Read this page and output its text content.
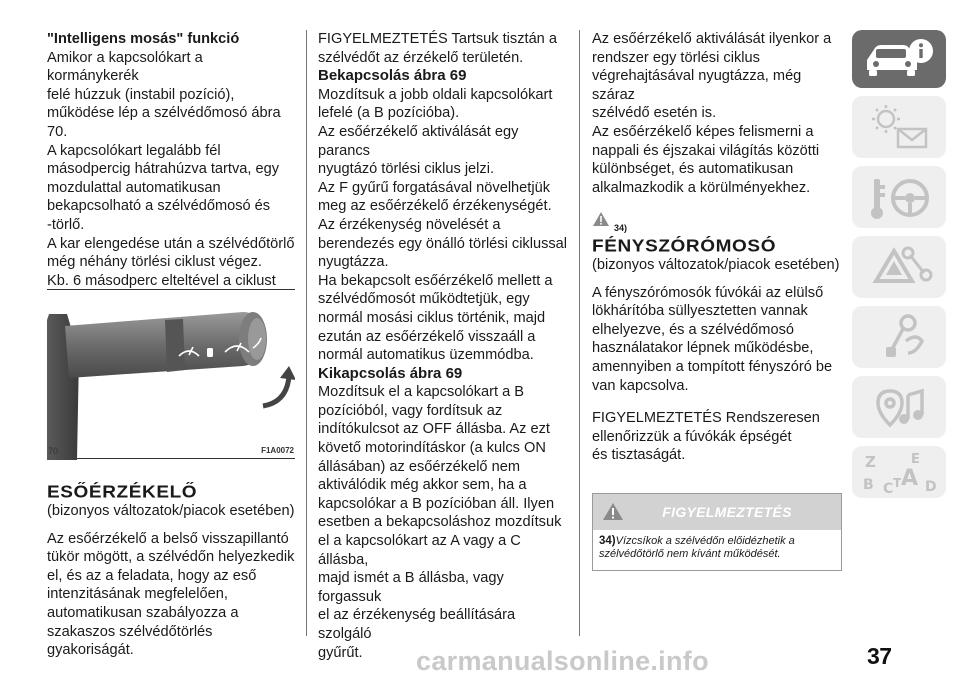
"Intelligens mosás" funkció

Amikor a kapcsolókart a kormánykerék
felé húzzuk (instabil pozíció),
működése lép a szélvédőmosó ábra
70.

A kapcsolókart legalább fél
másodpercig hátrahúzva tartva, egy
mozdulattal automatikusan
bekapcsolható a szélvédőmosó és
-törlő.

A kar elengedése után a szélvédőtörlő
még néhány törlési ciklust végez.

Kb. 6 másodperc elteltével a ciklust

70	F1A0072

ESŐÉRZÉKELŐ

(bizonyos változatok/piacok esetében)

Az esőérzékelő a belső visszapillantó
tükör mögött, a szélvédőn helyezkedik
el, és az a feladata, hogy az eső
intenzitásának megfelelően,
automatikusan szabályozza a
szakaszos szélvédőtörlés gyakoriságát.

FIGYELMEZTETÉS Tartsuk tisztán a
szélvédőt az érzékelő területén.

Bekapcsolás ábra 69

Mozdítsuk a jobb oldali kapcsolókart
lefelé (a B pozícióba).

Az esőérzékelő aktiválását egy parancs
nyugtázó törlési ciklus jelzi.

Az F gyűrű forgatásával növelhetjük
meg az esőérzékelő érzékenységét.

Az érzékenység növelését a
berendezés egy önálló törlési ciklussal
nyugtázza.

Ha bekapcsolt esőérzékelő mellett a
szélvédőmosót működtetjük, egy
normál mosási ciklus történik, majd
ezután az esőérzékelő visszaáll a
normál automatikus üzemmódba.

Kikapcsolás ábra 69

Mozdítsuk el a kapcsolókart a B
pozícióból, vagy fordítsuk az
indítókulcsot az OFF állásba. Az ezt
követő motorindításkor (a kulcs ON
állásában) az esőérzékelő nem
aktiválódik még akkor sem, ha a
kapcsolókar a B pozícióban áll. Ilyen
esetben a bekapcsoláshoz mozdítsuk
el a kapcsolókart az A vagy a C állásba,
majd ismét a B állásba, vagy forgassuk
el az érzékenység beállítására szolgáló
gyűrűt.

Az esőérzékelő aktiválását ilyenkor a
rendszer egy törlési ciklus
végrehajtásával nyugtázza, még száraz
szélvédő esetén is.

Az esőérzékelő képes felismerni a
nappali és éjszakai világítás közötti
különbséget, és automatikusan
alkalmazkodik a körülményekhez.

$^{34)}$

FÉNYSZÓRÓMOSÓ

(bizonyos változatok/piacok esetében)

A fényszórómosók fúvókái az elülső
lökhárítóba süllyesztetten vannak
elhelyezve, és a szélvédőmosó
használatakor lépnek működésbe,
amennyiben a tompított fényszóró be
van kapcsolva.

FIGYELMEZTETÉS Rendszeresen
ellenőrizzük a fúvókák épségét
és tisztaságát.

FIGYELMEZTETÉS
34)Vízcsíkok a szélvédőn előidézhetik a
szélvédőtörlő nem kívánt működését.
Z	E
B C T A D
37
carmanualsonline.info
